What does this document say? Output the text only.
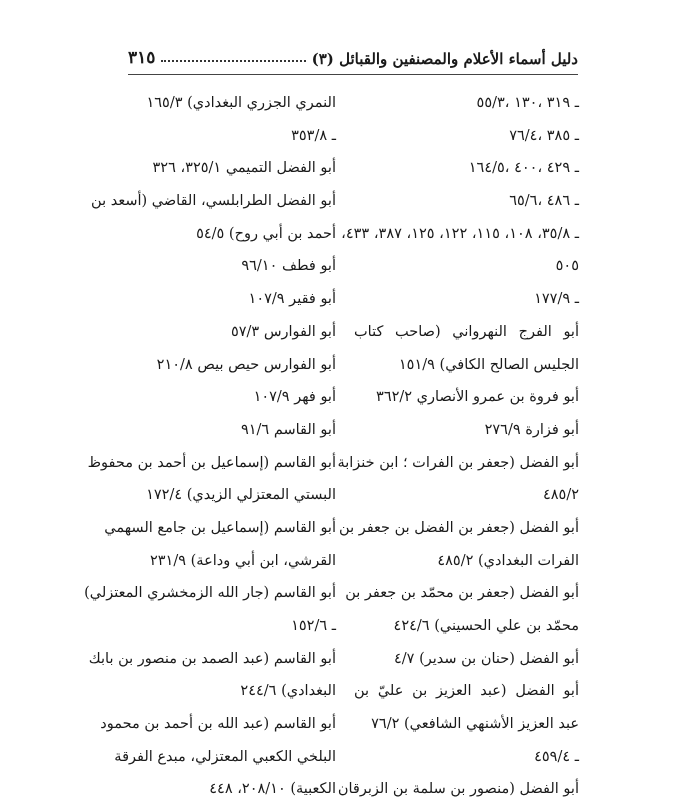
دليل أسماء الأعلام والمصنفين والقبائل (٣)
٣١٥
ـ ٣١٩ ،١٣٠ ،٥٥/٣
ـ ٣٨٥ ،٧٦/٤
ـ ٤٢٩ ،٤٠٠ ،١٦٤/٥
ـ ٤٨٦ ،٦٥/٦
ـ ٣٥/٨، ١٠٨، ١١٥، ١٢٢، ١٢٥، ٣٨٧، ٤٣٣،
٥٠٥
ـ ١٧٧/٩
أبو الفرج النهرواني (صاحب كتاب
الجليس الصالح الكافي) ١٥١/٩
أبو فروة بن عمرو الأنصاري ٣٦٢/٢
أبو فزارة ٢٧٦/٩
أبو الفضل (جعفر بن الفرات ؛ ابن خنزابة
٤٨٥/٢
أبو الفضل (جعفر بن الفضل بن جعفر بن
الفرات البغدادي) ٤٨٥/٢
أبو الفضل (جعفر بن محمّد بن جعفر بن
محمّد بن علي الحسيني) ٤٢٤/٦
أبو الفضل (حنان بن سدير) ٤/٧
أبو الفضل (عبد العزيز بن عليّ بن
عبد العزيز الأشنهي الشافعي) ٧٦/٢
ـ ٤٥٩/٤
أبو الفضل (منصور بن سلمة بن الزبرقان
النمري الجزري البغدادي) ١٦٥/٣
ـ ٣٥٣/٨
أبو الفضل التميمي ٣٢٥/١، ٣٢٦
أبو الفضل الطرابلسي، القاضي (أسعد بن
أحمد بن أبي روح) ٥٤/٥
أبو فطف ٩٦/١٠
أبو فقير ١٠٧/٩
أبو الفوارس ٥٧/٣
أبو الفوارس حيص بيص ٢١٠/٨
أبو فهر ١٠٧/٩
أبو القاسم ٩١/٦
أبو القاسم (إسماعيل بن أحمد بن محفوظ
البستي المعتزلي الزيدي) ١٧٢/٤
أبو القاسم (إسماعيل بن جامع السهمي
القرشي، ابن أبي وداعة) ٢٣١/٩
أبو القاسم (جار الله الزمخشري المعتزلي)
ـ ١٥٢/٦
أبو القاسم (عبد الصمد بن منصور بن بابك
البغدادي) ٢٤٤/٦
أبو القاسم (عبد الله بن أحمد بن محمود
البلخي الكعبي المعتزلي، مبدع الفرقة
الكعبية) ٢٠٨/١٠، ٤٤٨
